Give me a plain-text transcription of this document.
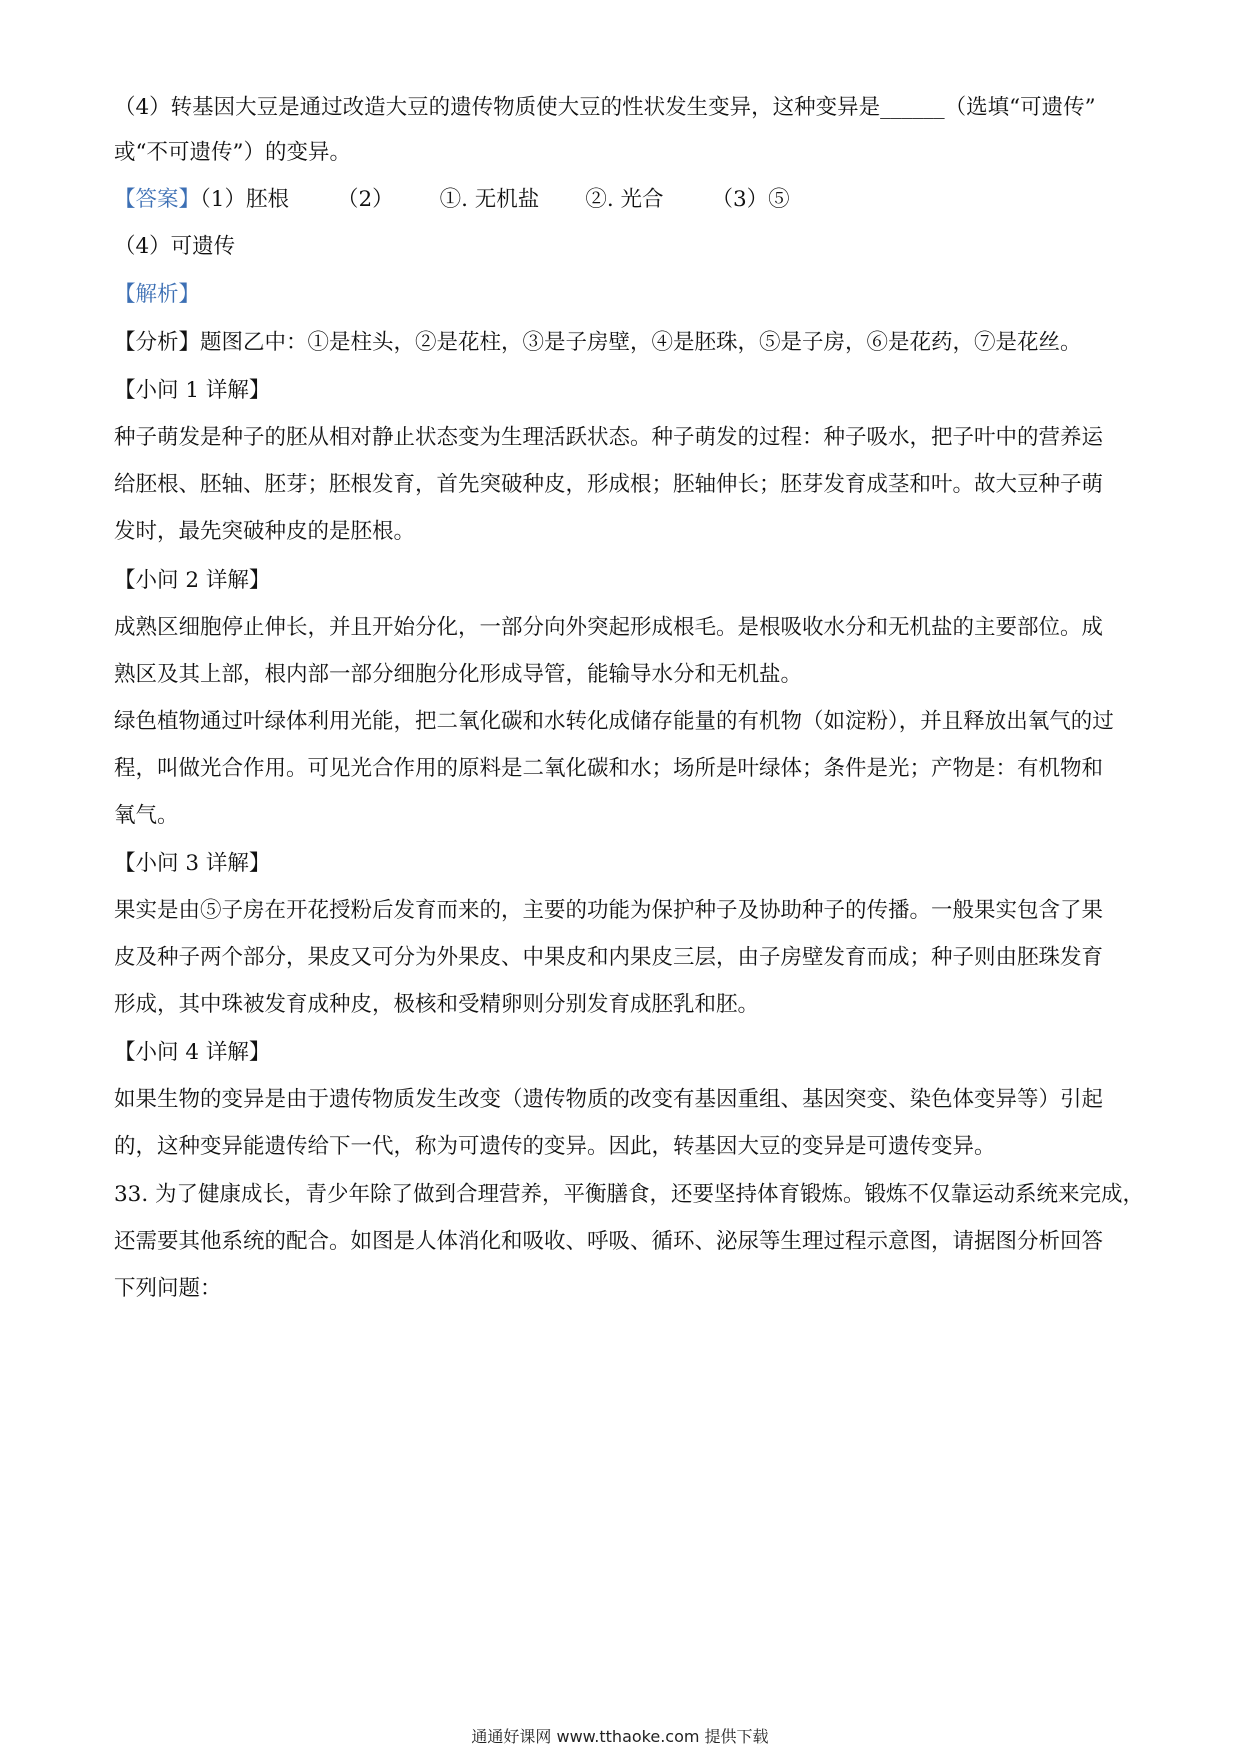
（4）转基因大豆是通过改造大豆的遗传物质使大豆的性状发生变异，这种变异是______（选填“可遗传”
或“不可遗传”）的变异。
【答案】（1）胚根 （2） ①. 无机盐 ②. 光合 （3）⑤
（4）可遗传
【解析】
【分析】题图乙中：①是柱头，②是花柱，③是子房壁，④是胚珠，⑤是子房，⑥是花药，⑦是花丝。
【小问 1 详解】
种子萌发是种子的胚从相对静止状态变为生理活跃状态。种子萌发的过程：种子吸水，把子叶中的营养运
给胚根、胚轴、胚芽；胚根发育，首先突破种皮，形成根；胚轴伸长；胚芽发育成茎和叶。故大豆种子萌
发时，最先突破种皮的是胚根。
【小问 2 详解】
成熟区细胞停止伸长，并且开始分化，一部分向外突起形成根毛。是根吸收水分和无机盐的主要部位。成
熟区及其上部，根内部一部分细胞分化形成导管，能输导水分和无机盐。
绿色植物通过叶绿体利用光能，把二氧化碳和水转化成储存能量的有机物（如淀粉），并且释放出氧气的过
程，叫做光合作用。可见光合作用的原料是二氧化碳和水；场所是叶绿体；条件是光；产物是：有机物和
氧气。
【小问 3 详解】
果实是由⑤子房在开花授粉后发育而来的，主要的功能为保护种子及协助种子的传播。一般果实包含了果
皮及种子两个部分，果皮又可分为外果皮、中果皮和内果皮三层，由子房壁发育而成；种子则由胚珠发育
形成，其中珠被发育成种皮，极核和受精卵则分别发育成胚乳和胚。
【小问 4 详解】
如果生物的变异是由于遗传物质发生改变（遗传物质的改变有基因重组、基因突变、染色体变异等）引起
的，这种变异能遗传给下一代，称为可遗传的变异。因此，转基因大豆的变异是可遗传变异。
33. 为了健康成长，青少年除了做到合理营养，平衡膳食，还要坚持体育锻炼。锻炼不仅靠运动系统来完成，
还需要其他系统的配合。如图是人体消化和吸收、呼吸、循环、泌尿等生理过程示意图，请据图分析回答
下列问题：
通通好课网 www.tthaoke.com 提供下载
